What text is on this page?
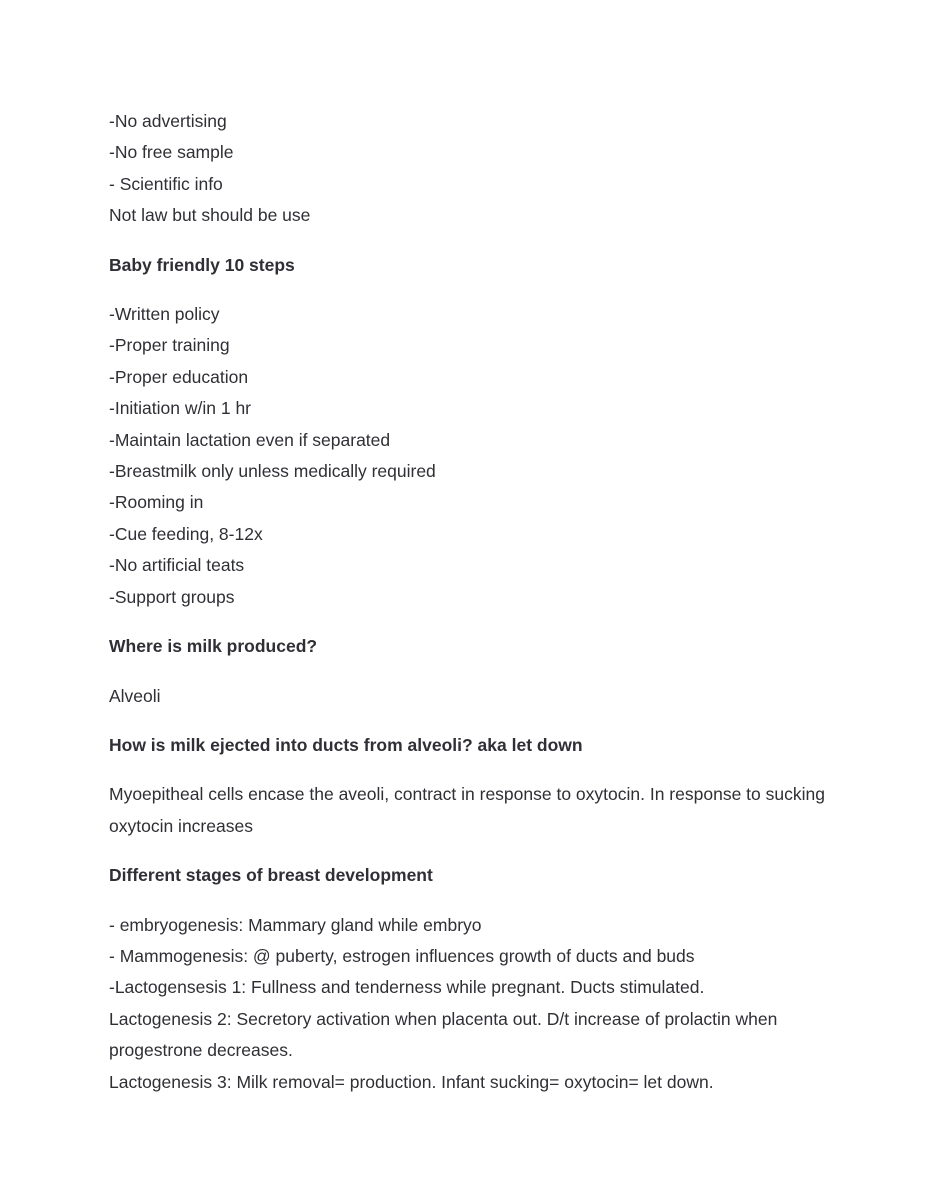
-No advertising

-No free sample

- Scientific info

Not law but should be use

Baby friendly 10 steps

-Written policy

-Proper training

-Proper education

-Initiation w/in 1 hr

-Maintain lactation even if separated

-Breastmilk only unless medically required

-Rooming in

-Cue feeding, 8-12x

-No artificial teats

-Support groups

Where is milk produced?

Alveoli

How is milk ejected into ducts from alveoli? aka let down

Myoepitheal cells encase the aveoli, contract in response to oxytocin. In response to sucking oxytocin increases

Different stages of breast development

- embryogenesis: Mammary gland while embryo

- Mammogenesis: @ puberty, estrogen influences growth of ducts and buds

-Lactogensesis 1: Fullness and tenderness while pregnant. Ducts stimulated.

Lactogenesis 2: Secretory activation when placenta out. D/t increase of prolactin when progestrone decreases.

Lactogenesis 3: Milk removal= production. Infant sucking= oxytocin= let down.
